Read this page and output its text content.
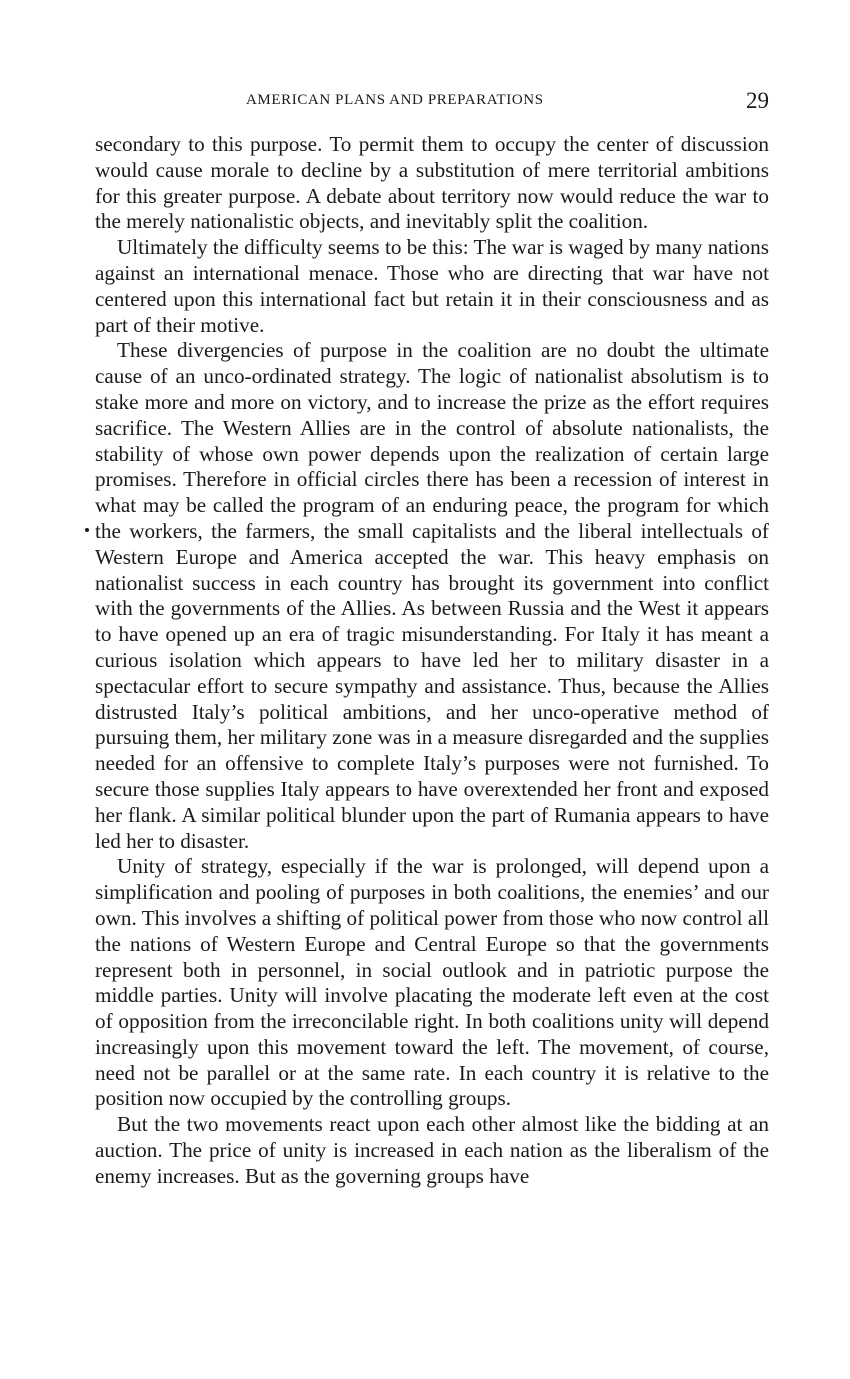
AMERICAN PLANS AND PREPARATIONS	29

secondary to this purpose. To permit them to occupy the center of discussion would cause morale to decline by a substitution of mere territorial ambitions for this greater purpose. A debate about territory now would reduce the war to the merely nationalistic objects, and inevitably split the coalition.

Ultimately the difficulty seems to be this: The war is waged by many nations against an international menace. Those who are directing that war have not centered upon this international fact but retain it in their consciousness and as part of their motive.

These divergencies of purpose in the coalition are no doubt the ultimate cause of an unco-ordinated strategy. The logic of nationalist absolutism is to stake more and more on victory, and to increase the prize as the effort requires sacrifice. The Western Allies are in the control of absolute nationalists, the stability of whose own power depends upon the realization of certain large promises. Therefore in official circles there has been a recession of interest in what may be called the program of an enduring peace, the program for which the workers, the farmers, the small capitalists and the liberal intellectuals of Western Europe and America accepted the war. This heavy emphasis on nationalist success in each country has brought its government into conflict with the governments of the Allies. As between Russia and the West it appears to have opened up an era of tragic misunderstanding. For Italy it has meant a curious isolation which appears to have led her to military disaster in a spectacular effort to secure sympathy and assistance. Thus, because the Allies distrusted Italy’s political ambitions, and her unco-operative method of pursuing them, her military zone was in a measure disregarded and the supplies needed for an offensive to complete Italy’s purposes were not furnished. To secure those supplies Italy appears to have overextended her front and exposed her flank. A similar political blunder upon the part of Rumania appears to have led her to disaster.

Unity of strategy, especially if the war is prolonged, will depend upon a simplification and pooling of purposes in both coalitions, the enemies’ and our own. This involves a shifting of political power from those who now control all the nations of Western Europe and Central Europe so that the governments represent both in personnel, in social outlook and in patriotic purpose the middle parties. Unity will involve placating the moderate left even at the cost of opposition from the irreconcilable right. In both coalitions unity will depend increasingly upon this movement toward the left. The movement, of course, need not be parallel or at the same rate. In each country it is relative to the position now occupied by the controlling groups.

But the two movements react upon each other almost like the bidding at an auction. The price of unity is increased in each nation as the liberalism of the enemy increases. But as the governing groups have
